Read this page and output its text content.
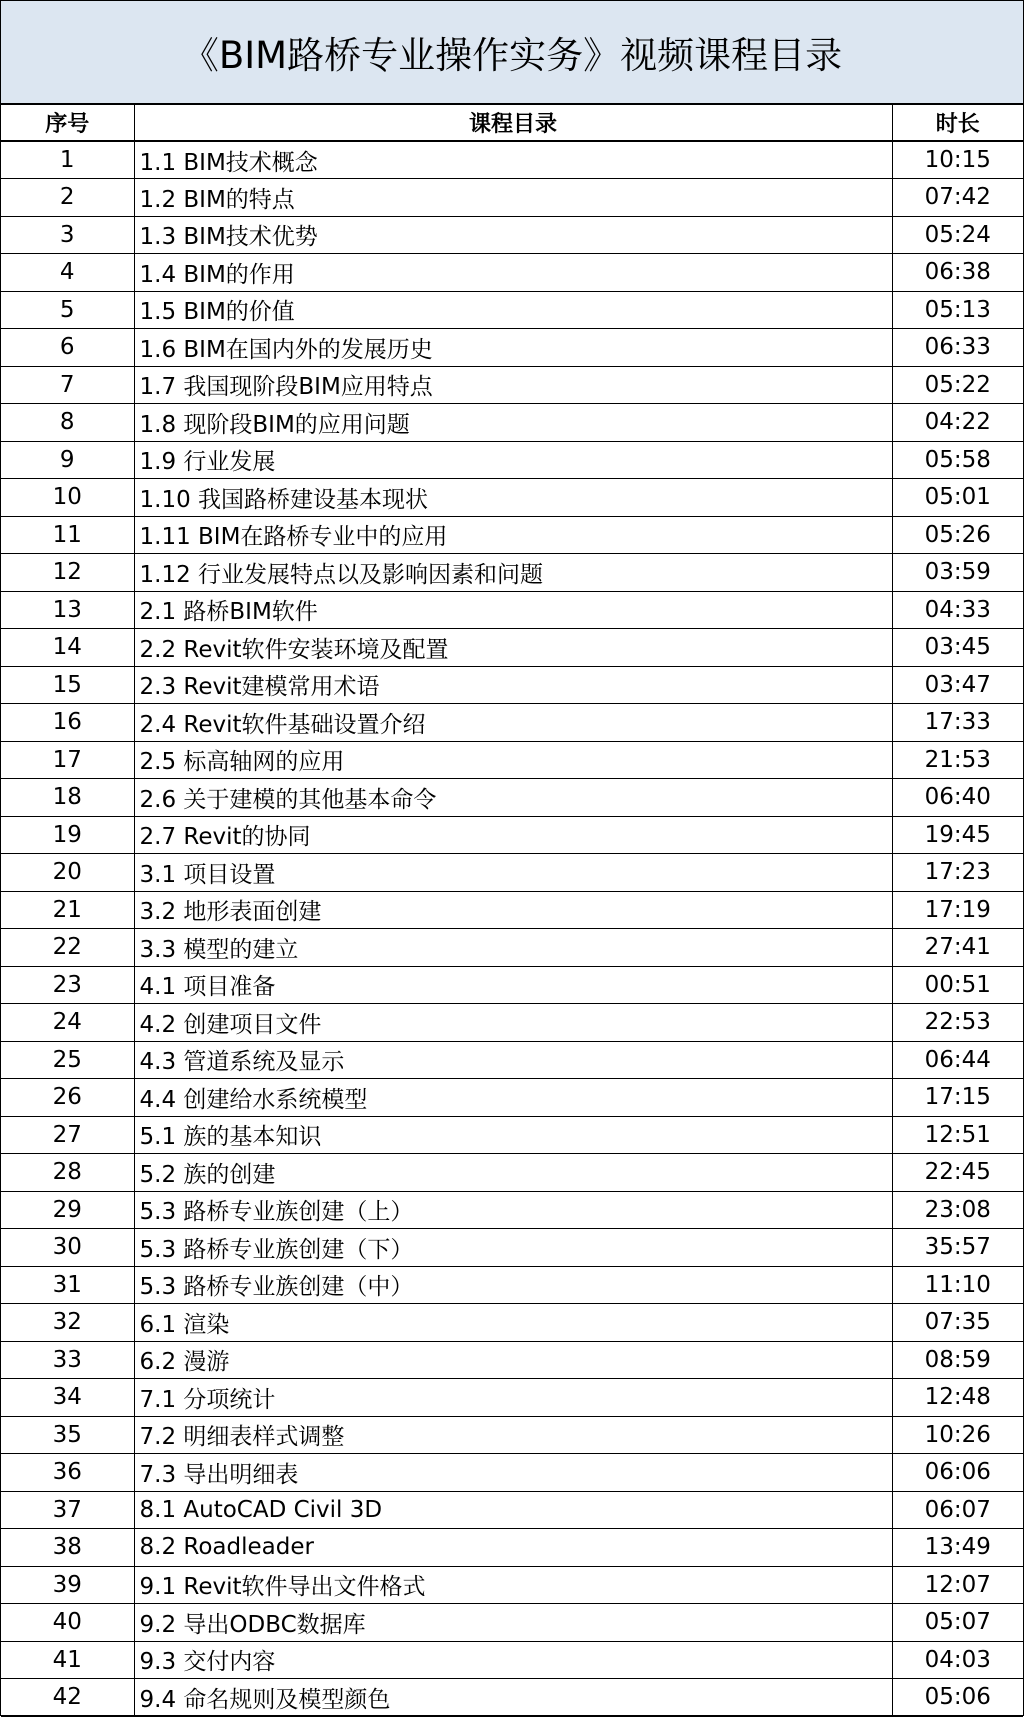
《BIM路桥专业操作实务》视频课程目录
序号	课程目录	时长
1	1.1 BIM技术概念	10:15
2	1.2 BIM的特点	07:42
3	1.3 BIM技术优势	05:24
4	1.4 BIM的作用	06:38
5	1.5 BIM的价值	05:13
6	1.6 BIM在国内外的发展历史	06:33
7	1.7 我国现阶段BIM应用特点	05:22
8	1.8 现阶段BIM的应用问题	04:22
9	1.9 行业发展	05:58
10	1.10 我国路桥建设基本现状	05:01
11	1.11 BIM在路桥专业中的应用	05:26
12	1.12 行业发展特点以及影响因素和问题	03:59
13	2.1 路桥BIM软件	04:33
14	2.2 Revit软件安装环境及配置	03:45
15	2.3 Revit建模常用术语	03:47
16	2.4 Revit软件基础设置介绍	17:33
17	2.5 标高轴网的应用	21:53
18	2.6 关于建模的其他基本命令	06:40
19	2.7 Revit的协同	19:45
20	3.1 项目设置	17:23
21	3.2 地形表面创建	17:19
22	3.3 模型的建立	27:41
23	4.1 项目准备	00:51
24	4.2 创建项目文件	22:53
25	4.3 管道系统及显示	06:44
26	4.4 创建给水系统模型	17:15
27	5.1 族的基本知识	12:51
28	5.2 族的创建	22:45
29	5.3 路桥专业族创建（上）	23:08
30	5.3 路桥专业族创建（下）	35:57
31	5.3 路桥专业族创建（中）	11:10
32	6.1 渲染	07:35
33	6.2 漫游	08:59
34	7.1 分项统计	12:48
35	7.2 明细表样式调整	10:26
36	7.3 导出明细表	06:06
37	8.1 AutoCAD Civil 3D	06:07
38	8.2 Roadleader	13:49
39	9.1 Revit软件导出文件格式	12:07
40	9.2 导出ODBC数据库	05:07
41	9.3 交付内容	04:03
42	9.4 命名规则及模型颜色	05:06
